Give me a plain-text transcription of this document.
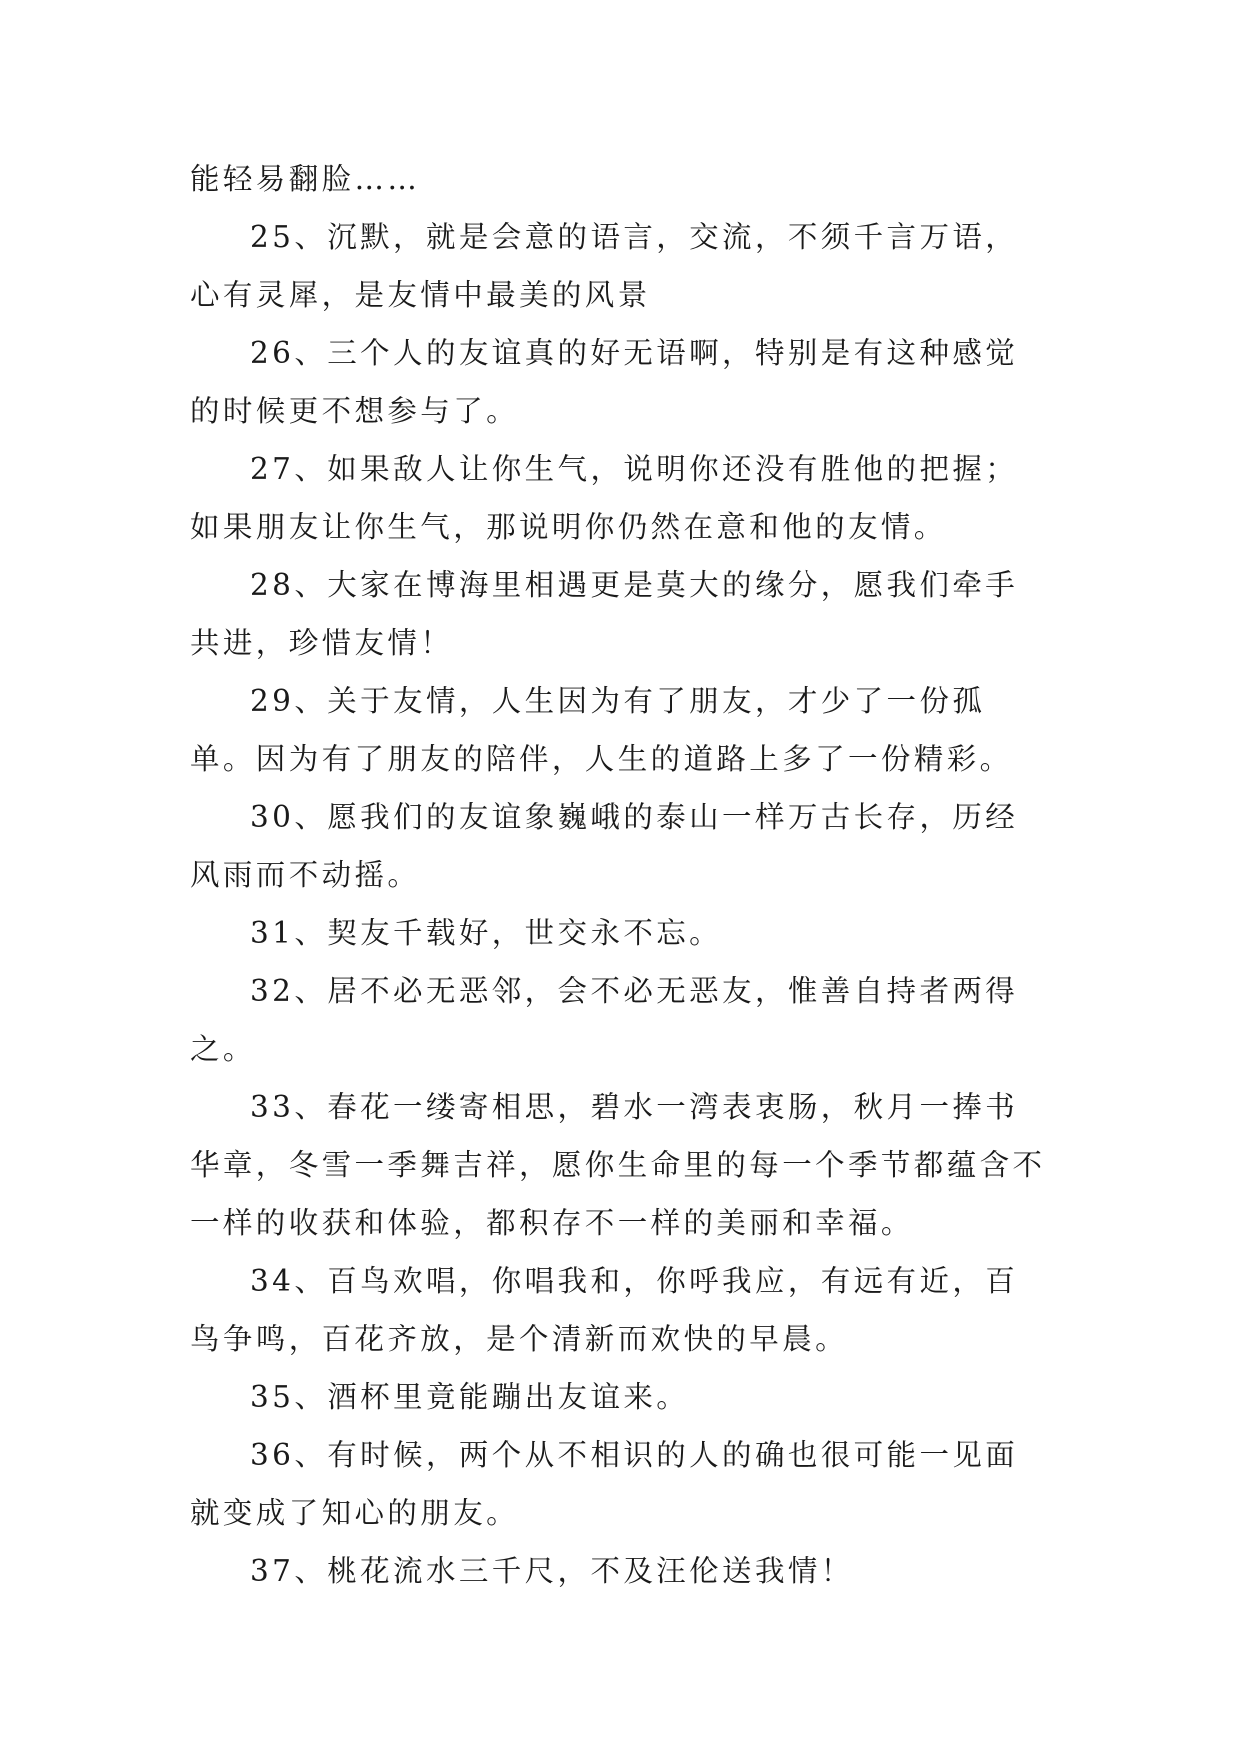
能轻易翻脸……

25、沉默，就是会意的语言，交流，不须千言万语，心有灵犀，是友情中最美的风景

26、三个人的友谊真的好无语啊，特别是有这种感觉的时候更不想参与了。

27、如果敌人让你生气，说明你还没有胜他的把握；如果朋友让你生气，那说明你仍然在意和他的友情。

28、大家在博海里相遇更是莫大的缘分，愿我们牵手共进，珍惜友情！

29、关于友情，人生因为有了朋友，才少了一份孤单。因为有了朋友的陪伴，人生的道路上多了一份精彩。

30、愿我们的友谊象巍峨的泰山一样万古长存，历经风雨而不动摇。

31、契友千载好，世交永不忘。

32、居不必无恶邻，会不必无恶友，惟善自持者两得之。

33、春花一缕寄相思，碧水一湾表衷肠，秋月一捧书华章，冬雪一季舞吉祥，愿你生命里的每一个季节都蕴含不一样的收获和体验，都积存不一样的美丽和幸福。

34、百鸟欢唱，你唱我和，你呼我应，有远有近，百鸟争鸣，百花齐放，是个清新而欢快的早晨。

35、酒杯里竟能蹦出友谊来。

36、有时候，两个从不相识的人的确也很可能一见面就变成了知心的朋友。

37、桃花流水三千尺，不及汪伦送我情！
